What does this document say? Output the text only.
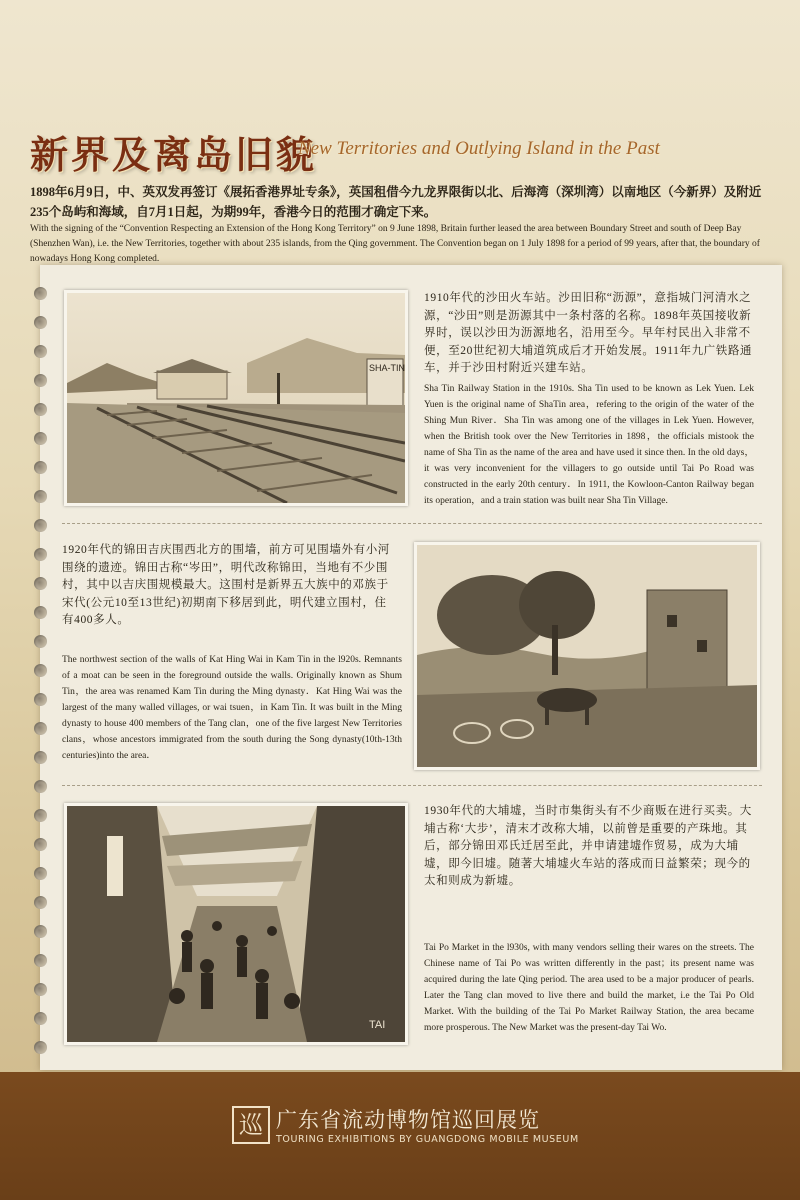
新界及离岛旧貌
New Territories and Outlying Island in the Past
1898年6月9日，中、英双发再签订《展拓香港界址专条》，英国租借今九龙界限街以北、后海湾（深圳湾）以南地区（今新界）及附近235个岛屿和海域，自7月1日起，为期99年，香港今日的范围才确定下来。
With the signing of the “Convention Respecting an Extension of the Hong Kong Territory” on 9 June 1898, Britain further leased the area between Boundary Street and south of Deep Bay (Shenzhen Wan), i.e. the New Territories, together with about 235 islands, from the Qing government. The Convention began on 1 July 1898 for a period of 99 years, after that, the boundary of nowadays Hong Kong completed.
SHA-TIN
1910年代的沙田火车站。沙田旧称“沥源”，意指城门河清水之源，“沙田”则是沥源其中一条村落的名称。1898年英国接收新界时，误以沙田为沥源地名，沿用至今。早年村民出入非常不便，至20世纪初大埔道筑成后才开始发展。1911年九广铁路通车，并于沙田村附近兴建车站。
Sha Tin Railway Station in the 1910s. Sha Tin used to be known as Lek Yuen. Lek Yuen is the original name of ShaTin area，refering to the origin of the water of the Shing Mun River．Sha Tin was among one of the villages in Lek Yuen. However, when the British took over the New Territories in 1898，the officials mistook the name of Sha Tin as the name of the area and have used it since then. In the old days，it was very inconvenient for the villagers to go outside until Tai Po Road was constructed in the early 20th century．In 1911, the Kowloon-Canton Railway began its operation，and a train station was built near Sha Tin Village.
1920年代的锦田吉庆围西北方的围墙，前方可见围墙外有小河围绕的遗迹。锦田古称“岑田”，明代改称锦田，当地有不少围村，其中以吉庆围规模最大。这围村是新界五大族中的邓族于宋代(公元10至13世纪)初期南下移居到此，明代建立围村，住有400多人。
The northwest section of the walls of Kat Hing Wai in Kam Tin in the l920s. Remnants of a moat can be seen in the foreground outside the walls. Originally known as Shum Tin，the area was renamed Kam Tin during the Ming dynasty．Kat Hing Wai was the largest of the many walled villages, or wai tsuen，in Kam Tin. It was built in the Ming dynasty to house 400 members of the Tang clan，one of the five largest New Territories clans，whose ancestors immigrated from the south during the Song dynasty(10th-13th centuries)into the area．
TAI
1930年代的大埔墟，当时市集街头有不少商贩在进行买卖。大埔古称‘大步’，清末才改称大埔，以前曾是重要的产珠地。其后，部分锦田邓氏迁居至此，并申请建墟作贸易，成为大埔墟，即今旧墟。随著大埔墟火车站的落成而日益繁荣；现今的太和则成为新墟。
Tai Po Market in the l930s, with many vendors selling their wares on the streets. The Chinese name of Tai Po was written differently in the past；its present name was acquired during the late Qing period. The area used to be a major producer of pearls. Later the Tang clan moved to live there and build the market, i.e the Tai Po Old Market. With the building of the Tai Po Market Railway Station, the area became more prosperous. The New Market was the present-day Tai Wo.
巡 广东省流动博物馆巡回展览
TOURING EXHIBITIONS BY GUANGDONG MOBILE MUSEUM
